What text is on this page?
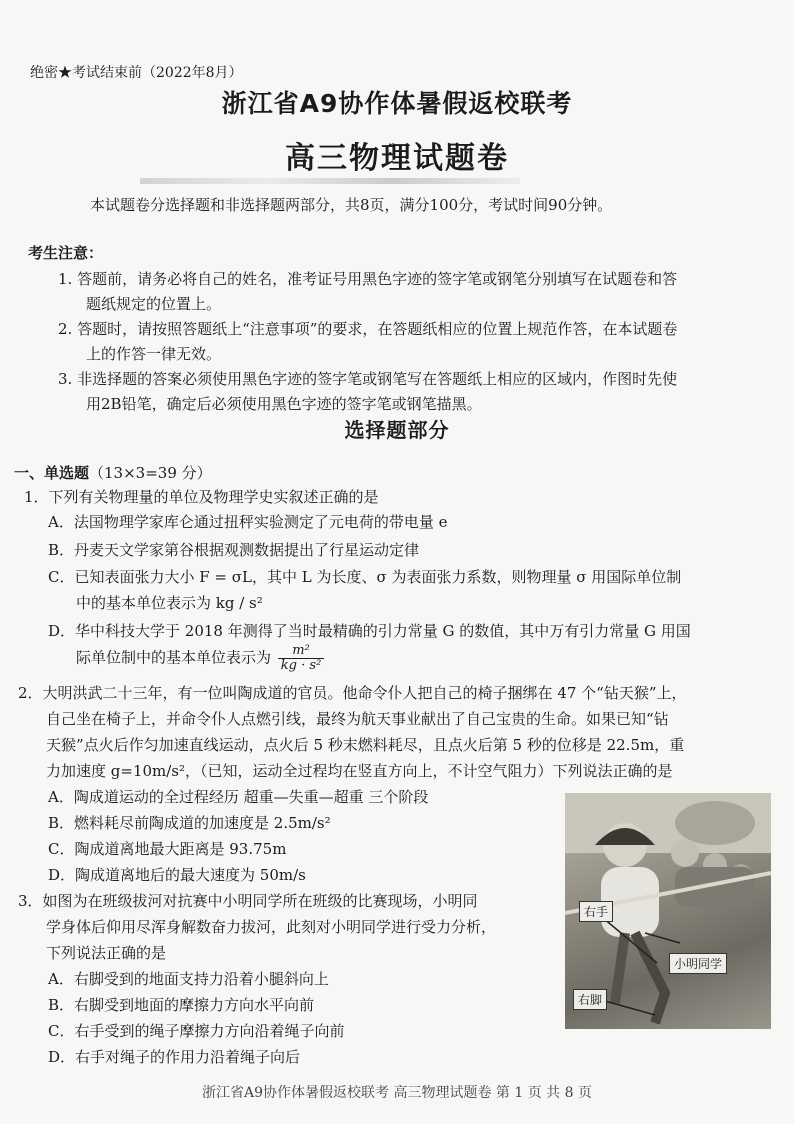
绝密★考试结束前（2022年8月）
浙江省A9协作体暑假返校联考
高三物理试题卷
本试题卷分选择题和非选择题两部分，共8页，满分100分，考试时间90分钟。
考生注意：
1. 答题前，请务必将自己的姓名，准考证号用黑色字迹的签字笔或钢笔分别填写在试题卷和答
题纸规定的位置上。
2. 答题时，请按照答题纸上“注意事项”的要求，在答题纸相应的位置上规范作答，在本试题卷
上的作答一律无效。
3. 非选择题的答案必须使用黑色字迹的签字笔或钢笔写在答题纸上相应的区域内，作图时先使
用2B铅笔，确定后必须使用黑色字迹的签字笔或钢笔描黑。
选择题部分
一、单选题（13×3=39 分）
1．下列有关物理量的单位及物理学史实叙述正确的是
A．法国物理学家库仑通过扭秤实验测定了元电荷的带电量 e
B．丹麦天文学家第谷根据观测数据提出了行星运动定律
C．已知表面张力大小 F = σL，其中 L 为长度、σ 为表面张力系数，则物理量 σ 用国际单位制
中的基本单位表示为 kg / s²
D．华中科技大学于 2018 年测得了当时最精确的引力常量 G 的数值，其中万有引力常量 G 用国
际单位制中的基本单位表示为 $\frac{\text{m²}}{\text{kg · s²}}$
2．大明洪武二十三年，有一位叫陶成道的官员。他命令仆人把自己的椅子捆绑在 47 个“钻天猴”上，
自己坐在椅子上，并命令仆人点燃引线，最终为航天事业献出了自己宝贵的生命。如果已知“钻
天猴”点火后作匀加速直线运动，点火后 5 秒末燃料耗尽，且点火后第 5 秒的位移是 22.5m，重
力加速度 g=10m/s²，（已知，运动全过程均在竖直方向上，不计空气阻力）下列说法正确的是
A．陶成道运动的全过程经历 超重—失重—超重 三个阶段
B．燃料耗尽前陶成道的加速度是 2.5m/s²
C．陶成道离地最大距离是 93.75m
D．陶成道离地后的最大速度为 50m/s
3．如图为在班级拔河对抗赛中小明同学所在班级的比赛现场，小明同
学身体后仰用尽浑身解数奋力拔河，此刻对小明同学进行受力分析，
下列说法正确的是
A．右脚受到的地面支持力沿着小腿斜向上
B．右脚受到地面的摩擦力方向水平向前
C．右手受到的绳子摩擦力方向沿着绳子向前
D．右手对绳子的作用力沿着绳子向后
右手
小明同学
右脚
浙江省A9协作体暑假返校联考 高三物理试题卷 第 1 页 共 8 页
